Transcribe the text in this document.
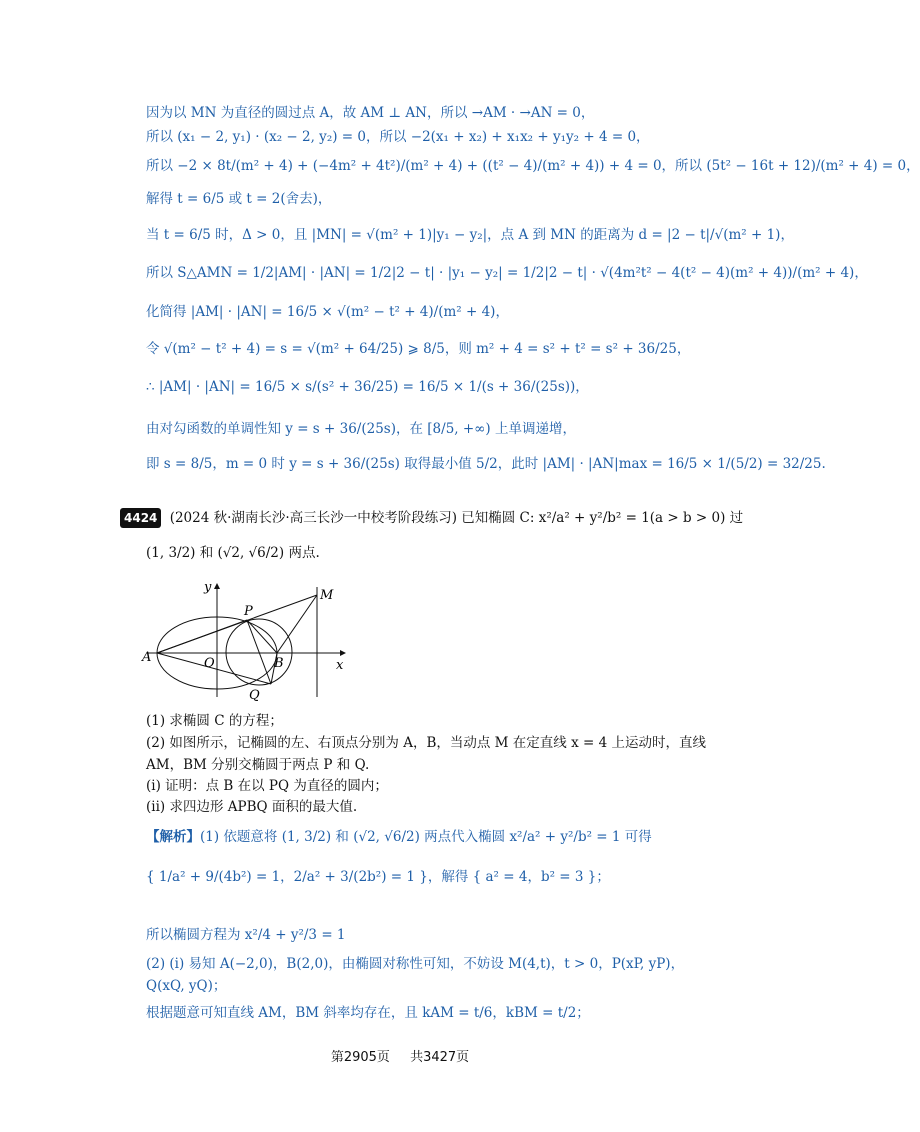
因为以 MN 为直径的圆过点 A，故 AM ⊥ AN，所以 →AM · →AN = 0，
所以 (x₁ − 2, y₁) · (x₂ − 2, y₂) = 0，所以 −2(x₁ + x₂) + x₁x₂ + y₁y₂ + 4 = 0，
所以 −2 × 8t/(m² + 4) + (−4m² + 4t²)/(m² + 4) + ((t² − 4)/(m² + 4)) + 4 = 0，所以 (5t² − 16t + 12)/(m² + 4) = 0，
解得 t = 6/5 或 t = 2(舍去)，
当 t = 6/5 时，Δ > 0，且 |MN| = √(m² + 1)|y₁ − y₂|，点 A 到 MN 的距离为 d = |2 − t|/√(m² + 1)，
所以 S△AMN = 1/2|AM| · |AN| = 1/2|2 − t| · |y₁ − y₂| = 1/2|2 − t| · √(4m²t² − 4(t² − 4)(m² + 4))/(m² + 4)，
化简得 |AM| · |AN| = 16/5 × √(m² − t² + 4)/(m² + 4)，
令 √(m² − t² + 4) = s = √(m² + 64/25) ⩾ 8/5，则 m² + 4 = s² + t² = s² + 36/25，
∴ |AM| · |AN| = 16/5 × s/(s² + 36/25) = 16/5 × 1/(s + 36/(25s))，
由对勾函数的单调性知 y = s + 36/(25s)，在 [8/5, +∞) 上单调递增，
即 s = 8/5，m = 0 时 y = s + 36/(25s) 取得最小值 5/2，此时 |AM| · |AN|max = 16/5 × 1/(5/2) = 32/25.
4424 (2024 秋·湖南长沙·高三长沙一中校考阶段练习) 已知椭圆 C: x²/a² + y²/b² = 1(a > b > 0) 过
(1, 3/2) 和 (√2, √6/2) 两点.
y
x
A	O	B
P
Q
M
(1) 求椭圆 C 的方程；
(2) 如图所示，记椭圆的左、右顶点分别为 A，B，当动点 M 在定直线 x = 4 上运动时，直线
AM，BM 分别交椭圆于两点 P 和 Q.
(i) 证明：点 B 在以 PQ 为直径的圆内；
(ii) 求四边形 APBQ 面积的最大值.
【解析】(1) 依题意将 (1, 3/2) 和 (√2, √6/2) 两点代入椭圆 x²/a² + y²/b² = 1 可得
{ 1/a² + 9/(4b²) = 1，2/a² + 3/(2b²) = 1 }，解得 { a² = 4，b² = 3 }；
所以椭圆方程为 x²/4 + y²/3 = 1
(2) (i) 易知 A(−2,0)，B(2,0)，由椭圆对称性可知，不妨设 M(4,t)，t > 0，P(xP, yP)，
Q(xQ, yQ)；
根据题意可知直线 AM，BM 斜率均存在，且 kAM = t/6，kBM = t/2；
第2905页 共3427页
